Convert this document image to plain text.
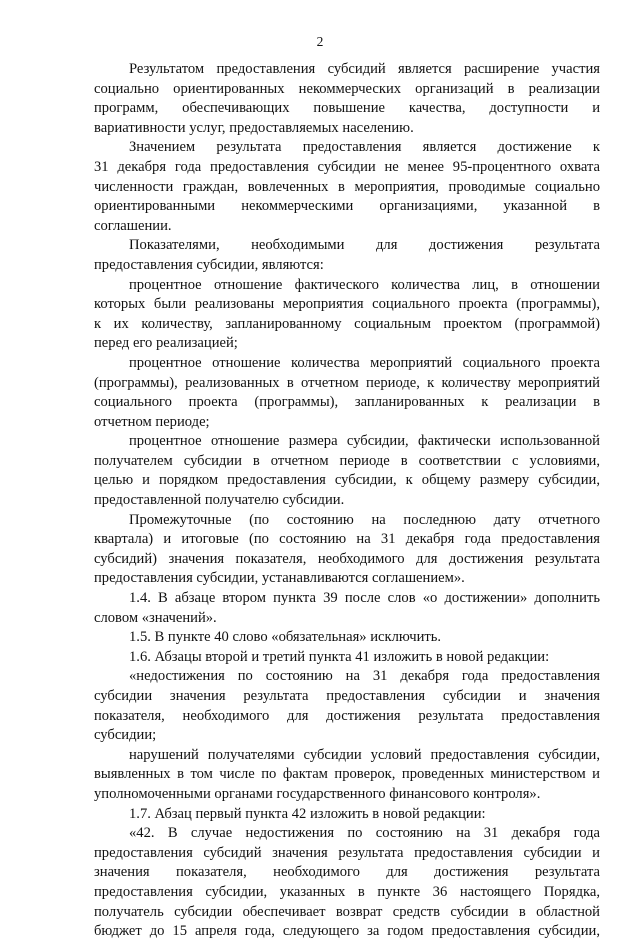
2
Результатом предоставления субсидий является расширение участия
социально ориентированных некоммерческих организаций в реализации
программ, обеспечивающих повышение качества, доступности и
вариативности услуг, предоставляемых населению.
Значением результата предоставления является достижение к
31 декабря года предоставления субсидии не менее 95-процентного охвата
численности граждан, вовлеченных в мероприятия, проводимые социально
ориентированными некоммерческими организациями, указанной в
соглашении.
Показателями, необходимыми для достижения результата
предоставления субсидии, являются:
процентное отношение фактического количества лиц, в отношении
которых были реализованы мероприятия социального проекта (программы),
к их количеству, запланированному социальным проектом (программой)
перед его реализацией;
процентное отношение количества мероприятий социального проекта
(программы), реализованных в отчетном периоде, к количеству мероприятий
социального проекта (программы), запланированных к реализации в
отчетном периоде;
процентное отношение размера субсидии, фактически использованной
получателем субсидии в отчетном периоде в соответствии с условиями,
целью и порядком предоставления субсидии, к общему размеру субсидии,
предоставленной получателю субсидии.
Промежуточные (по состоянию на последнюю дату отчетного
квартала) и итоговые (по состоянию на 31 декабря года предоставления
субсидий) значения показателя, необходимого для достижения результата
предоставления субсидии, устанавливаются соглашением».
1.4. В абзаце втором пункта 39 после слов «о достижении» дополнить
словом «значений».
1.5. В пункте 40 слово «обязательная» исключить.
1.6. Абзацы второй и третий пункта 41 изложить в новой редакции:
«недостижения по состоянию на 31 декабря года предоставления
субсидии значения результата предоставления субсидии и значения
показателя, необходимого для достижения результата предоставления
субсидии;
нарушений получателями субсидии условий предоставления субсидии,
выявленных в том числе по фактам проверок, проведенных министерством и
уполномоченными органами государственного финансового контроля».
1.7. Абзац первый пункта 42 изложить в новой редакции:
«42. В случае недостижения по состоянию на 31 декабря года
предоставления субсидий значения результата предоставления субсидии и
значения показателя, необходимого для достижения результата
предоставления субсидии, указанных в пункте 36 настоящего Порядка,
получатель субсидии обеспечивает возврат средств субсидии в областной
бюджет до 15 апреля года, следующего за годом предоставления субсидии,
